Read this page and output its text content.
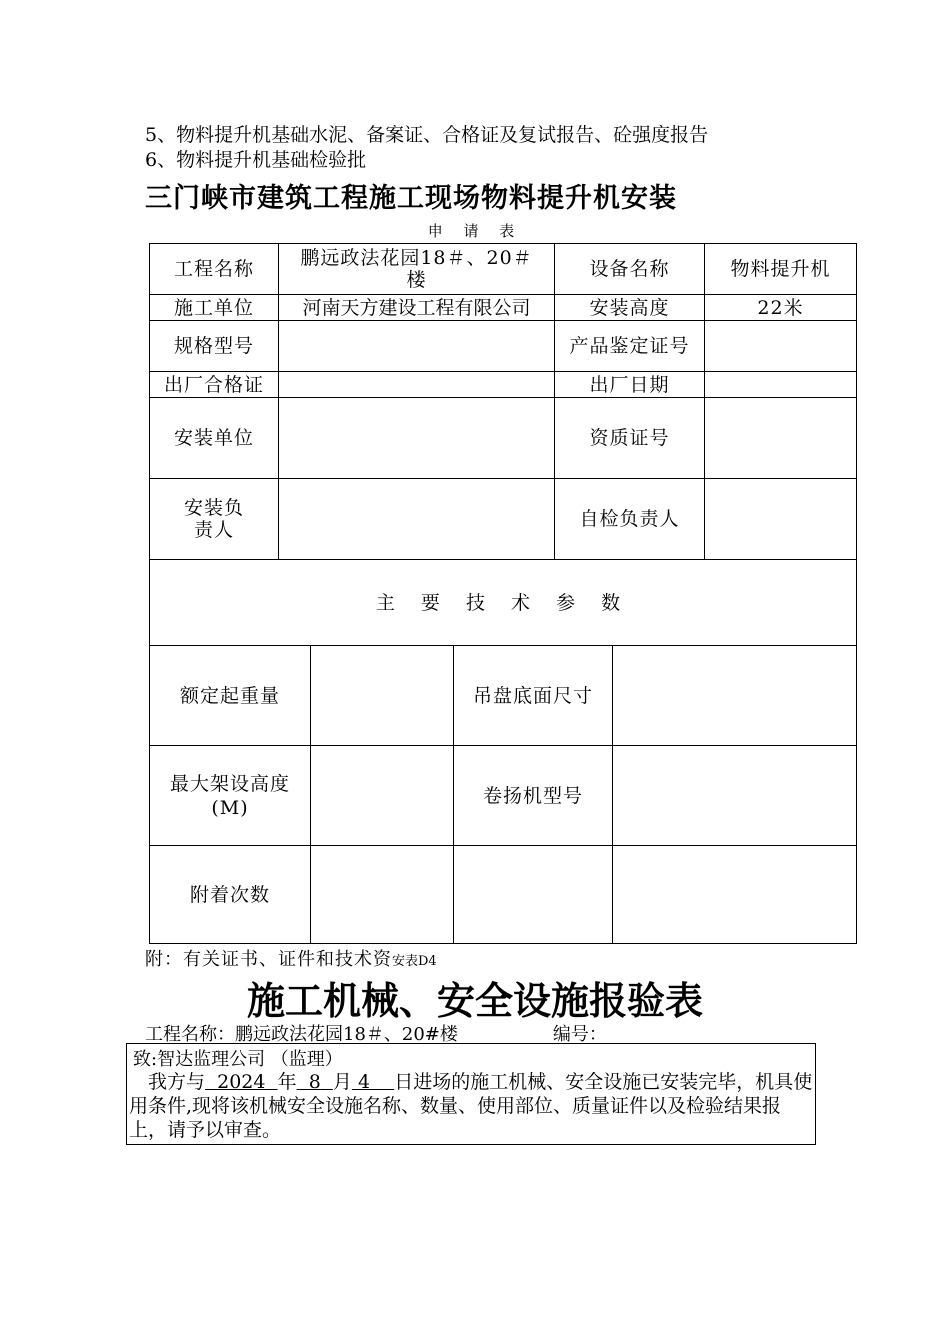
5、物料提升机基础水泥、备案证、合格证及复试报告、砼强度报告
6、物料提升机基础检验批
三门峡市建筑工程施工现场物料提升机安装
申 请 表
工程名称	鹏远政法花园18＃、20＃楼	设备名称	物料提升机
施工单位	河南天方建设工程有限公司	安装高度	22米
规格型号		产品鉴定证号	
出厂合格证		出厂日期	
安装单位		资质证号	
安装负责人		自检负责人	
主 要 技 术 参 数			
额定起重量		吊盘底面尺寸	
最大架设高度(M)		卷扬机型号	
附着次数			
附：有关证书、证件和技术资安表D4
施工机械、安全设施报验表
工程名称：鹏远政法花园18＃、20#楼	编号：
致:智达监理公司 （监理）
　我方与 2024 年 8 月 4 日进场的施工机械、安全设施已安装完毕，机具使用条件,现将该机械安全设施名称、数量、使用部位、质量证件以及检验结果报上，请予以审查。
